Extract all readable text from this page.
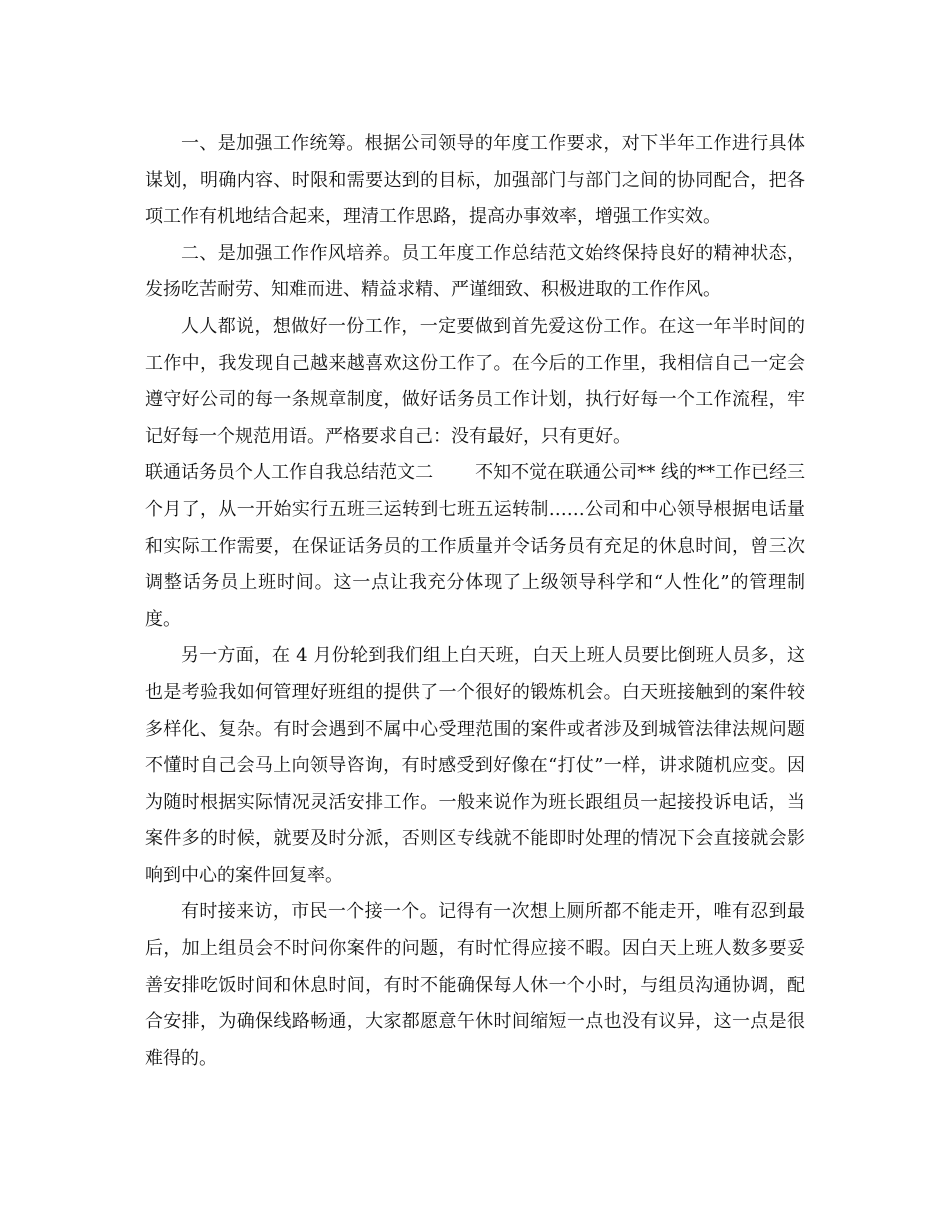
一、是加强工作统筹。根据公司领导的年度工作要求，对下半年工作进行具体谋划，明确内容、时限和需要达到的目标，加强部门与部门之间的协同配合，把各项工作有机地结合起来，理清工作思路，提高办事效率，增强工作实效。

二、是加强工作作风培养。员工年度工作总结范文始终保持良好的精神状态，发扬吃苦耐劳、知难而进、精益求精、严谨细致、积极进取的工作作风。

人人都说，想做好一份工作，一定要做到首先爱这份工作。在这一年半时间的工作中，我发现自己越来越喜欢这份工作了。在今后的工作里，我相信自己一定会遵守好公司的每一条规章制度，做好话务员工作计划，执行好每一个工作流程，牢记好每一个规范用语。严格要求自己：没有最好，只有更好。

联通话务员个人工作自我总结范文二 不知不觉在联通公司** 线的**工作已经三个月了，从一开始实行五班三运转到七班五运转制……公司和中心领导根据电话量和实际工作需要，在保证话务员的工作质量并令话务员有充足的休息时间，曾三次调整话务员上班时间。这一点让我充分体现了上级领导科学和“人性化”的管理制度。

另一方面，在 4 月份轮到我们组上白天班，白天上班人员要比倒班人员多，这也是考验我如何管理好班组的提供了一个很好的锻炼机会。白天班接触到的案件较多样化、复杂。有时会遇到不属中心受理范围的案件或者涉及到城管法律法规问题不懂时自己会马上向领导咨询，有时感受到好像在“打仗”一样，讲求随机应变。因为随时根据实际情况灵活安排工作。一般来说作为班长跟组员一起接投诉电话，当案件多的时候，就要及时分派，否则区专线就不能即时处理的情况下会直接就会影响到中心的案件回复率。

有时接来访，市民一个接一个。记得有一次想上厕所都不能走开，唯有忍到最后，加上组员会不时问你案件的问题，有时忙得应接不暇。因白天上班人数多要妥善安排吃饭时间和休息时间，有时不能确保每人休一个小时，与组员沟通协调，配合安排，为确保线路畅通，大家都愿意午休时间缩短一点也没有议异，这一点是很难得的。
